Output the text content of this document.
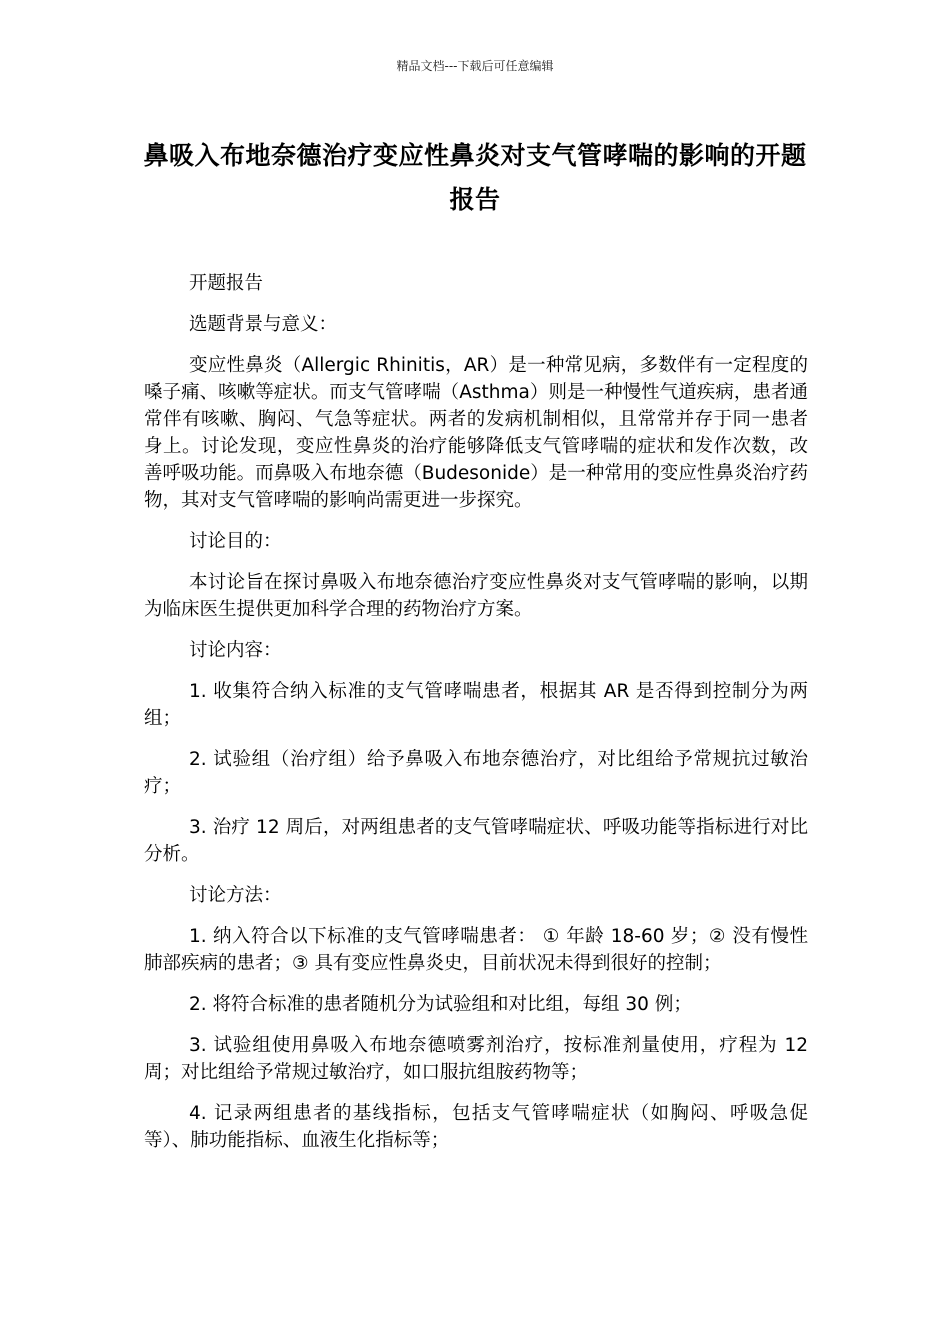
精品文档---下载后可任意编辑
鼻吸入布地奈德治疗变应性鼻炎对支气管哮喘的影响的开题报告

开题报告

选题背景与意义：

变应性鼻炎（Allergic Rhinitis，AR）是一种常见病，多数伴有一定程度的嗓子痛、咳嗽等症状。而支气管哮喘（Asthma）则是一种慢性气道疾病，患者通常伴有咳嗽、胸闷、气急等症状。两者的发病机制相似，且常常并存于同一患者身上。讨论发现，变应性鼻炎的治疗能够降低支气管哮喘的症状和发作次数，改善呼吸功能。而鼻吸入布地奈德（Budesonide）是一种常用的变应性鼻炎治疗药物，其对支气管哮喘的影响尚需更进一步探究。

讨论目的：

本讨论旨在探讨鼻吸入布地奈德治疗变应性鼻炎对支气管哮喘的影响，以期为临床医生提供更加科学合理的药物治疗方案。

讨论内容：

1. 收集符合纳入标准的支气管哮喘患者，根据其 AR 是否得到控制分为两组；

2. 试验组（治疗组）给予鼻吸入布地奈德治疗，对比组给予常规抗过敏治疗；

3. 治疗 12 周后，对两组患者的支气管哮喘症状、呼吸功能等指标进行对比分析。

讨论方法：

1. 纳入符合以下标准的支气管哮喘患者： ① 年龄 18-60 岁；② 没有慢性肺部疾病的患者；③ 具有变应性鼻炎史，目前状况未得到很好的控制；

2. 将符合标准的患者随机分为试验组和对比组，每组 30 例；

3. 试验组使用鼻吸入布地奈德喷雾剂治疗，按标准剂量使用，疗程为 12 周；对比组给予常规过敏治疗，如口服抗组胺药物等；

4. 记录两组患者的基线指标，包括支气管哮喘症状（如胸闷、呼吸急促等）、肺功能指标、血液生化指标等；
